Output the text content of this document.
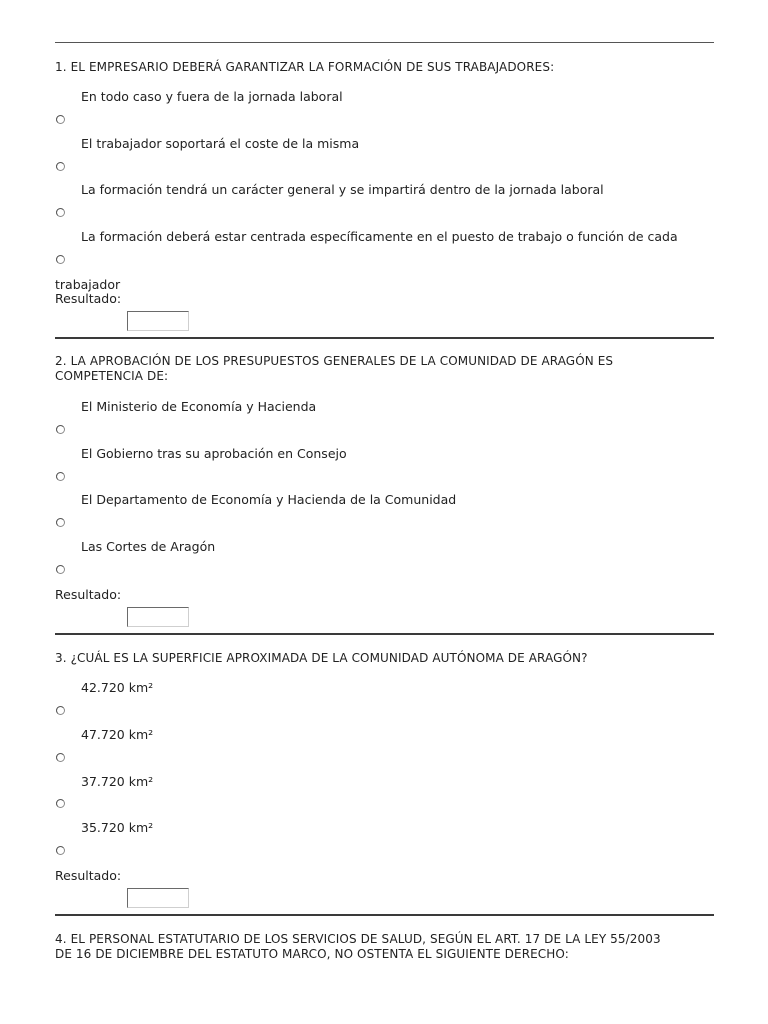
1. EL EMPRESARIO DEBERÁ GARANTIZAR LA FORMACIÓN DE SUS TRABAJADORES:
En todo caso y fuera de la jornada laboral
El trabajador soportará el coste de la misma
La formación tendrá un carácter general y se impartirá dentro de la jornada laboral
La formación deberá estar centrada específicamente en el puesto de trabajo o función de cada
trabajador
Resultado:
2. LA APROBACIÓN DE LOS PRESUPUESTOS GENERALES DE LA COMUNIDAD DE ARAGÓN ES
COMPETENCIA DE:
El Ministerio de Economía y Hacienda
El Gobierno tras su aprobación en Consejo
El Departamento de Economía y Hacienda de la Comunidad
Las Cortes de Aragón
Resultado:
3. ¿CUÁL ES LA SUPERFICIE APROXIMADA DE LA COMUNIDAD AUTÓNOMA DE ARAGÓN?
42.720 km²
47.720 km²
37.720 km²
35.720 km²
Resultado:
4. EL PERSONAL ESTATUTARIO DE LOS SERVICIOS DE SALUD, SEGÚN EL ART. 17 DE LA LEY 55/2003
DE 16 DE DICIEMBRE DEL ESTATUTO MARCO, NO OSTENTA EL SIGUIENTE DERECHO:
